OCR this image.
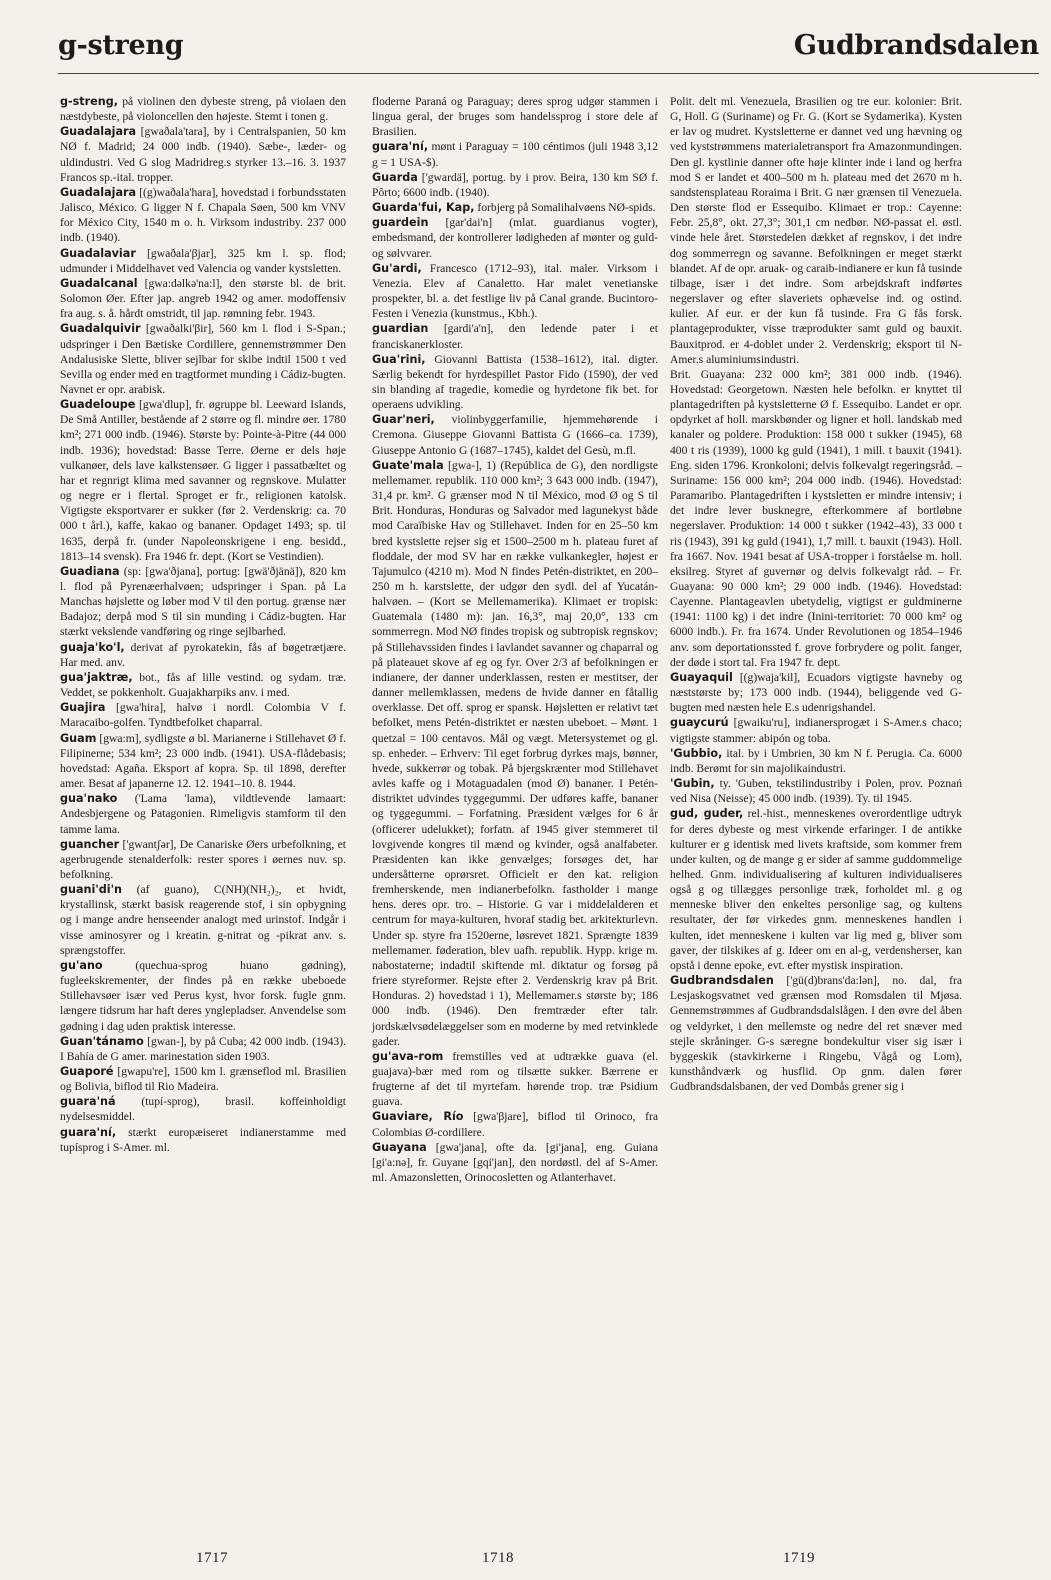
g-streng	Gudbrandsdalen

g-streng, på violinen den dybeste streng, på violaen den næstdybeste, på violoncellen den højeste. Stemt i tonen g.

Guadalajara [gwaðala'tara], by i Centralspanien, 50 km NØ f. Madrid; 24 000 indb. (1940). Sæbe-, læder- og uldindustri. Ved G slog Madridreg.s styrker 13.–16. 3. 1937 Francos sp.-ital. tropper.

Guadalajara [(g)waðala'hara], hovedstad i forbundsstaten Jalisco, México. G ligger N f. Chapala Søen, 500 km VNV for México City, 1540 m o. h. Virksom industriby. 237 000 indb. (1940).

Guadalaviar [gwaðala'βjar], 325 km l. sp. flod; udmunder i Middelhavet ved Valencia og vander kystsletten.

Guadalcanal [gwa:dəlkə'na:l], den største bl. de brit. Solomon Øer. Efter jap. angreb 1942 og amer. modoffensiv fra aug. s. å. hårdt omstridt, til jap. rømning febr. 1943.

Guadalquivir [gwaðalki'βir], 560 km l. flod i S-Span.; udspringer i Den Bætiske Cordillere, gennemstrømmer Den Andalusiske Slette, bliver sejlbar for skibe indtil 1500 t ved Sevilla og ender med en tragtformet munding i Cádiz-bugten. Navnet er opr. arabisk.

Guadeloupe [gwa'dlup], fr. øgruppe bl. Leeward Islands, De Små Antiller, bestående af 2 større og fl. mindre øer. 1780 km²; 271 000 indb. (1946). Største by: Pointe-à-Pitre (44 000 indb. 1936); hovedstad: Basse Terre. Øerne er dels høje vulkanøer, dels lave kalkstensøer. G ligger i passatbæltet og har et regnrigt klima med savanner og regnskove. Mulatter og negre er i flertal. Sproget er fr., religionen katolsk. Vigtigste eksportvarer er sukker (før 2. Verdenskrig: ca. 70 000 t årl.), kaffe, kakao og bananer. Opdaget 1493; sp. til 1635, derpå fr. (under Napoleonskrigene i eng. besidd., 1813–14 svensk). Fra 1946 fr. dept. (Kort se Vestindien).

Guadiana (sp: [gwa'ðjana], portug: [gwä'ðjänä]), 820 km l. flod på Pyrenæerhalvøen; udspringer i Span. på La Manchas højslette og løber mod V til den portug. grænse nær Badajoz; derpå mod S til sin munding i Cádiz-bugten. Har stærkt vekslende vandføring og ringe sejlbarhed.

guaja'ko'l, derivat af pyrokatekin, fås af bøgetrætjære. Har med. anv.

gua'jaktræ, bot., fås af lille vestind. og sydam. træ. Veddet, se pokkenholt. Guajakharpiks anv. i med.

Guajira [gwa'hira], halvø i nordl. Colombia V f. Maracaibo-golfen. Tyndtbefolket chaparral.

Guam [gwa:m], sydligste ø bl. Marianerne i Stillehavet Ø f. Filipinerne; 534 km²; 23 000 indb. (1941). USA-flådebasis; hovedstad: Agaña. Eksport af kopra. Sp. til 1898, derefter amer. Besat af japanerne 12. 12. 1941–10. 8. 1944.

gua'nako ('Lama 'lama), vildtlevende lamaart: Andesbjergene og Patagonien. Rimeligvis stamform til den tamme lama.

guancher ['gwantʃər], De Canariske Øers urbefolkning, et agerbrugende stenalderfolk: rester spores i øernes nuv. sp. befolkning.

guani'di'n (af guano), C(NH)(NH₂)₂, et hvidt, krystallinsk, stærkt basisk reagerende stof, i sin opbygning og i mange andre henseender analogt med urinstof. Indgår i visse aminosyrer og i kreatin. g-nitrat og -pikrat anv. s. sprængstoffer.

gu'ano (quechua-sprog huano gødning), fugleekskrementer, der findes på en række ubeboede Stillehavsøer især ved Perus kyst, hvor forsk. fugle gnm. længere tidsrum har haft deres ynglepladser. Anvendelse som gødning i dag uden praktisk interesse.

Guan'tánamo [gwan-], by på Cuba; 42 000 indb. (1943). I Bahía de G amer. marinestation siden 1903.

Guaporé [gwapu're], 1500 km l. grænseflod ml. Brasilien og Bolivia, biflod til Rio Madeira.

guara'ná (tupí-sprog), brasil. koffeinholdigt nydelsesmiddel.

guara'ní, stærkt europæiseret indianerstamme med tupísprog i S-Amer. ml.

floderne Paraná og Paraguay; deres sprog udgør stammen i lingua geral, der bruges som handelssprog i store dele af Brasilien.

guara'ní, mønt i Paraguay = 100 céntimos (juli 1948 3,12 g = 1 USA-$).

Guarda ['gwardä], portug. by i prov. Beira, 130 km SØ f. Pôrto; 6600 indb. (1940).

Guarda'fui, Kap, forbjerg på Somalihalvøens NØ-spids.

guardein [gar'dai'n] (mlat. guardianus vogter), embedsmand, der kontrollerer lødigheden af mønter og guld- og sølvvarer.

Gu'ardi, Francesco (1712–93), ital. maler. Virksom i Venezia. Elev af Canaletto. Har malet venetianske prospekter, bl. a. det festlige liv på Canal grande. Bucintoro-Festen i Venezia (kunstmus., Kbh.).

guardian [gardi'a'n], den ledende pater i et franciskanerkloster.

Gua'rini, Giovanni Battista (1538–1612), ital. digter. Særlig bekendt for hyrdespillet Pastor Fido (1590), der ved sin blanding af tragedie, komedie og hyrdetone fik bet. for operaens udvikling.

Guar'neri, violinbyggerfamilie, hjemmehørende i Cremona. Giuseppe Giovanni Battista G (1666–ca. 1739), Giuseppe Antonio G (1687–1745), kaldet del Gesù, m.fl.

Guate'mala [gwa-], 1) (República de G), den nordligste mellemamer. republik. 110 000 km²; 3 643 000 indb. (1947), 31,4 pr. km². G grænser mod N til México, mod Ø og S til Brit. Honduras, Honduras og Salvador med lagunekyst både mod Caraïbiske Hav og Stillehavet. Inden for en 25–50 km bred kystslette rejser sig et 1500–2500 m h. plateau furet af floddale, der mod SV har en række vulkankegler, højest er Tajumulco (4210 m). Mod N findes Petén-distriktet, en 200–250 m h. karstslette, der udgør den sydl. del af Yucatán-halvøen. – (Kort se Mellemamerika). Klimaet er tropisk: Guatemala (1480 m): jan. 16,3°, maj 20,0°, 133 cm sommerregn. Mod NØ findes tropisk og subtropisk regnskov; på Stillehavssiden findes i lavlandet savanner og chaparral og på plateauet skove af eg og fyr. Over 2/3 af befolkningen er indianere, der danner underklassen, resten er mestitser, der danner mellemklassen, medens de hvide danner en fåtallig overklasse. Det off. sprog er spansk. Højsletten er relativt tæt befolket, mens Petén-distriktet er næsten ubeboet. – Mønt. 1 quetzal = 100 centavos. Mål og vægt. Metersystemet og gl. sp. enheder. – Erhverv: Til eget forbrug dyrkes majs, bønner, hvede, sukkerrør og tobak. På bjergskrænter mod Stillehavet avles kaffe og i Motaguadalen (mod Ø) bananer. I Petén-distriktet udvindes tyggegummi. Der udføres kaffe, bananer og tyggegummi. – Forfatning. Præsident vælges for 6 år (officerer udelukket); forfatn. af 1945 giver stemmeret til lovgivende kongres til mænd og kvinder, også analfabeter. Præsidenten kan ikke genvælges; forsøges det, har undersåtterne oprørsret. Officielt er den kat. religion fremherskende, men indianerbefolkn. fastholder i mange hens. deres opr. tro. – Historie. G var i middelalderen et centrum for maya-kulturen, hvoraf stadig bet. arkitekturlevn. Under sp. styre fra 1520erne, løsrevet 1821. Sprængte 1839 mellemamer. føderation, blev uafh. republik. Hypp. krige m. nabostaterne; indadtil skiftende ml. diktatur og forsøg på friere styreformer. Rejste efter 2. Verdenskrig krav på Brit. Honduras. 2) hovedstad i 1), Mellemamer.s største by; 186 000 indb. (1946). Den fremtræder efter talr. jordskælvsødelæggelser som en moderne by med retvinklede gader.

gu'ava-rom fremstilles ved at udtrække guava (el. guajava)-bær med rom og tilsætte sukker. Bærrene er frugterne af det til myrtefam. hørende trop. træ Psidium guava.

Guaviare, Río [gwa'βjare], biflod til Orinoco, fra Colombias Ø-cordillere.

Guayana [gwa'jana], ofte da. [gi'jana], eng. Guiana [gi'a:nə], fr. Guyane [gqi'jan], den nordøstl. del af S-Amer. ml. Amazonsletten, Orinocosletten og Atlanterhavet.

Polit. delt ml. Venezuela, Brasilien og tre eur. kolonier: Brit. G, Holl. G (Suriname) og Fr. G. (Kort se Sydamerika). Kysten er lav og mudret. Kystsletterne er dannet ved ung hævning og ved kyststrømmens materialetransport fra Amazonmundingen. Den gl. kystlinie danner ofte høje klinter inde i land og herfra mod S er landet et 400–500 m h. plateau med det 2670 m h. sandstensplateau Roraima i Brit. G nær grænsen til Venezuela. Den største flod er Essequibo. Klimaet er trop.: Cayenne: Febr. 25,8°, okt. 27,3°; 301,1 cm nedbør. NØ-passat el. østl. vinde hele året. Størstedelen dækket af regnskov, i det indre dog sommerregn og savanne. Befolkningen er meget stærkt blandet. Af de opr. aruak- og caraib-indianere er kun få tusinde tilbage, især i det indre. Som arbejdskraft indførtes negerslaver og efter slaveriets ophævelse ind. og ostind. kulier. Af eur. er der kun få tusinde. Fra G fås forsk. plantageprodukter, visse træprodukter samt guld og bauxit. Bauxitprod. er 4-doblet under 2. Verdenskrig; eksport til N-Amer.s aluminiumsindustri.

Brit. Guayana: 232 000 km²; 381 000 indb. (1946). Hovedstad: Georgetown. Næsten hele befolkn. er knyttet til plantagedriften på kystsletterne Ø f. Essequibo. Landet er opr. opdyrket af holl. marskbønder og ligner et holl. landskab med kanaler og poldere. Produktion: 158 000 t sukker (1945), 68 400 t ris (1939), 1000 kg guld (1941), 1 mill. t bauxit (1941). Eng. siden 1796. Kronkoloni; delvis folkevalgt regeringsråd. – Suriname: 156 000 km²; 204 000 indb. (1946). Hovedstad: Paramaribo. Plantagedriften i kystsletten er mindre intensiv; i det indre lever busknegre, efterkommere af bortløbne negerslaver. Produktion: 14 000 t sukker (1942–43), 33 000 t ris (1943), 391 kg guld (1941), 1,7 mill. t. bauxit (1943). Holl. fra 1667. Nov. 1941 besat af USA-tropper i forståelse m. holl. eksilreg. Styret af guvernør og delvis folkevalgt råd. – Fr. Guayana: 90 000 km²; 29 000 indb. (1946). Hovedstad: Cayenne. Plantageavlen ubetydelig, vigtigst er guldminerne (1941: 1100 kg) i det indre (Inini-territoriet: 70 000 km² og 6000 indb.). Fr. fra 1674. Under Revolutionen og 1854–1946 anv. som deportationssted f. grove forbrydere og polit. fanger, der døde i stort tal. Fra 1947 fr. dept.

Guayaquil [(g)waja'kil], Ecuadors vigtigste havneby og næststørste by; 173 000 indb. (1944), beliggende ved G-bugten med næsten hele E.s udenrigshandel.

guaycurú [gwaiku'ru], indianersprogæt i S-Amer.s chaco; vigtigste stammer: abipón og toba.

'Gubbio, ital. by i Umbrien, 30 km N f. Perugia. Ca. 6000 indb. Berømt for sin majolikaindustri.

'Gubin, ty. 'Guben, tekstilindustriby i Polen, prov. Poznań ved Nisa (Neisse); 45 000 indb. (1939). Ty. til 1945.

gud, guder, rel.-hist., menneskenes overordentlige udtryk for deres dybeste og mest virkende erfaringer. I de antikke kulturer er g identisk med livets kraftside, som kommer frem under kulten, og de mange g er sider af samme guddommelige helhed. Gnm. individualisering af kulturen individualiseres også g og tillægges personlige træk, forholdet ml. g og menneske bliver den enkeltes personlige sag, og kultens resultater, der før virkedes gnm. menneskenes handlen i kulten, idet menneskene i kulten var lig med g, bliver som gaver, der tilskikes af g. Ideer om en al-g, verdensherser, kan opstå i denne epoke, evt. efter mystisk inspiration.

Gudbrandsdalen ['gü(d)brans'da:lən], no. dal, fra Lesjaskogsvatnet ved grænsen mod Romsdalen til Mjøsa. Gennemstrømmes af Gudbrandsdalslågen. I den øvre del åben og veldyrket, i den mellemste og nedre del ret snæver med stejle skråninger. G-s særegne bondekultur viser sig især i byggeskik (stavkirkerne i Ringebu, Vågå og Lom), kunsthåndværk og husflid. Op gnm. dalen fører Gudbrandsdalsbanen, der ved Dombås grener sig i

1717	1718	1719
